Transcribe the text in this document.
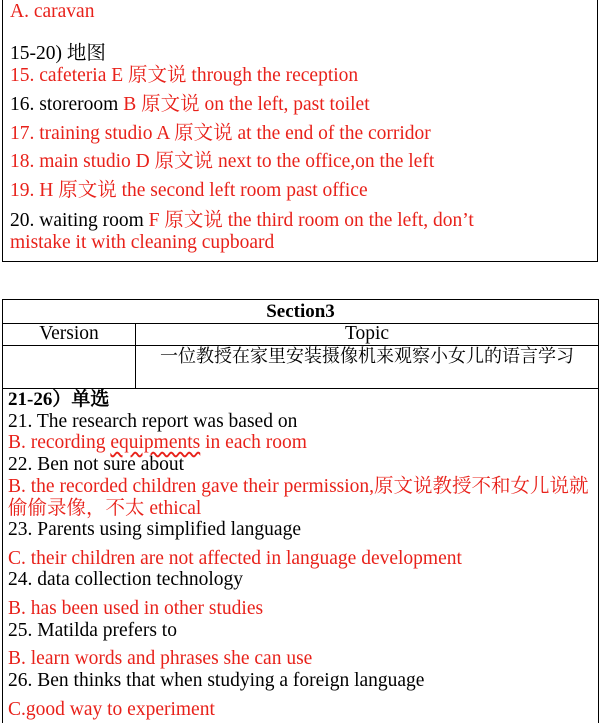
A. caravan
15-20) 地图
15. cafeteria E 原文说 through the reception
16. storeroom B 原文说 on the left, past toilet
17. training studio A 原文说 at the end of the corridor
18. main studio D 原文说 next to the office,on the left
19. H 原文说 the second left room past office
20. waiting room F 原文说 the third room on the left, don’t
mistake it with cleaning cupboard
Section3
Version	Topic
一位教授在家里安装摄像机来观察小女儿的语言学习
21-26）单选
21. The research report was based on
B. recording equipments in each room
22. Ben not sure about
B. the recorded children gave their permission,原文说教授不和女儿说就偷偷录像，不太 ethical
23. Parents using simplified language
C. their children are not affected in language development
24. data collection technology
B. has been used in other studies
25. Matilda prefers to
B. learn words and phrases she can use
26. Ben thinks that when studying a foreign language
C.good way to experiment
